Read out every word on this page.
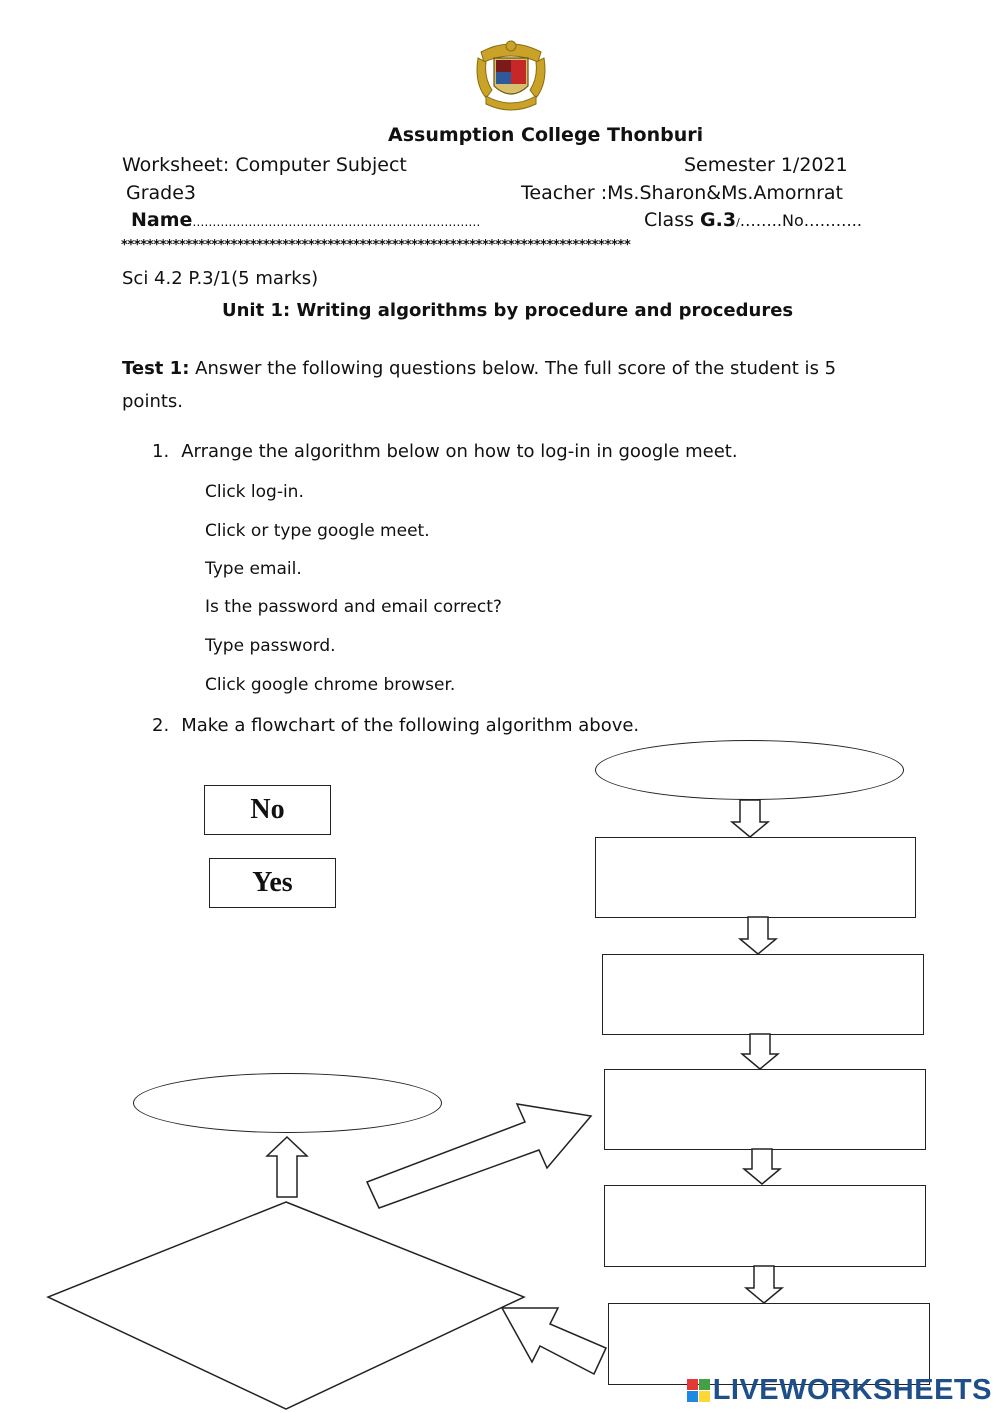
Assumption College Thonburi
Worksheet: Computer Subject	Semester 1/2021
Grade3	Teacher :Ms.Sharon&Ms.Amornrat
Name………………………………………………………………	Class G.3/……..No………..
*******************************************************************************
Sci 4.2 P.3/1(5 marks)
Unit 1: Writing algorithms by procedure and procedures
Test 1: Answer the following questions below. The full score of the student is 5
points.
1. Arrange the algorithm below on how to log-in in google meet.
Click log-in.
Click or type google meet.
Type email.
Is the password and email correct?
Type password.
Click google chrome browser.
2. Make a flowchart of the following algorithm above.
No
Yes
LIVEWORKSHEETS
